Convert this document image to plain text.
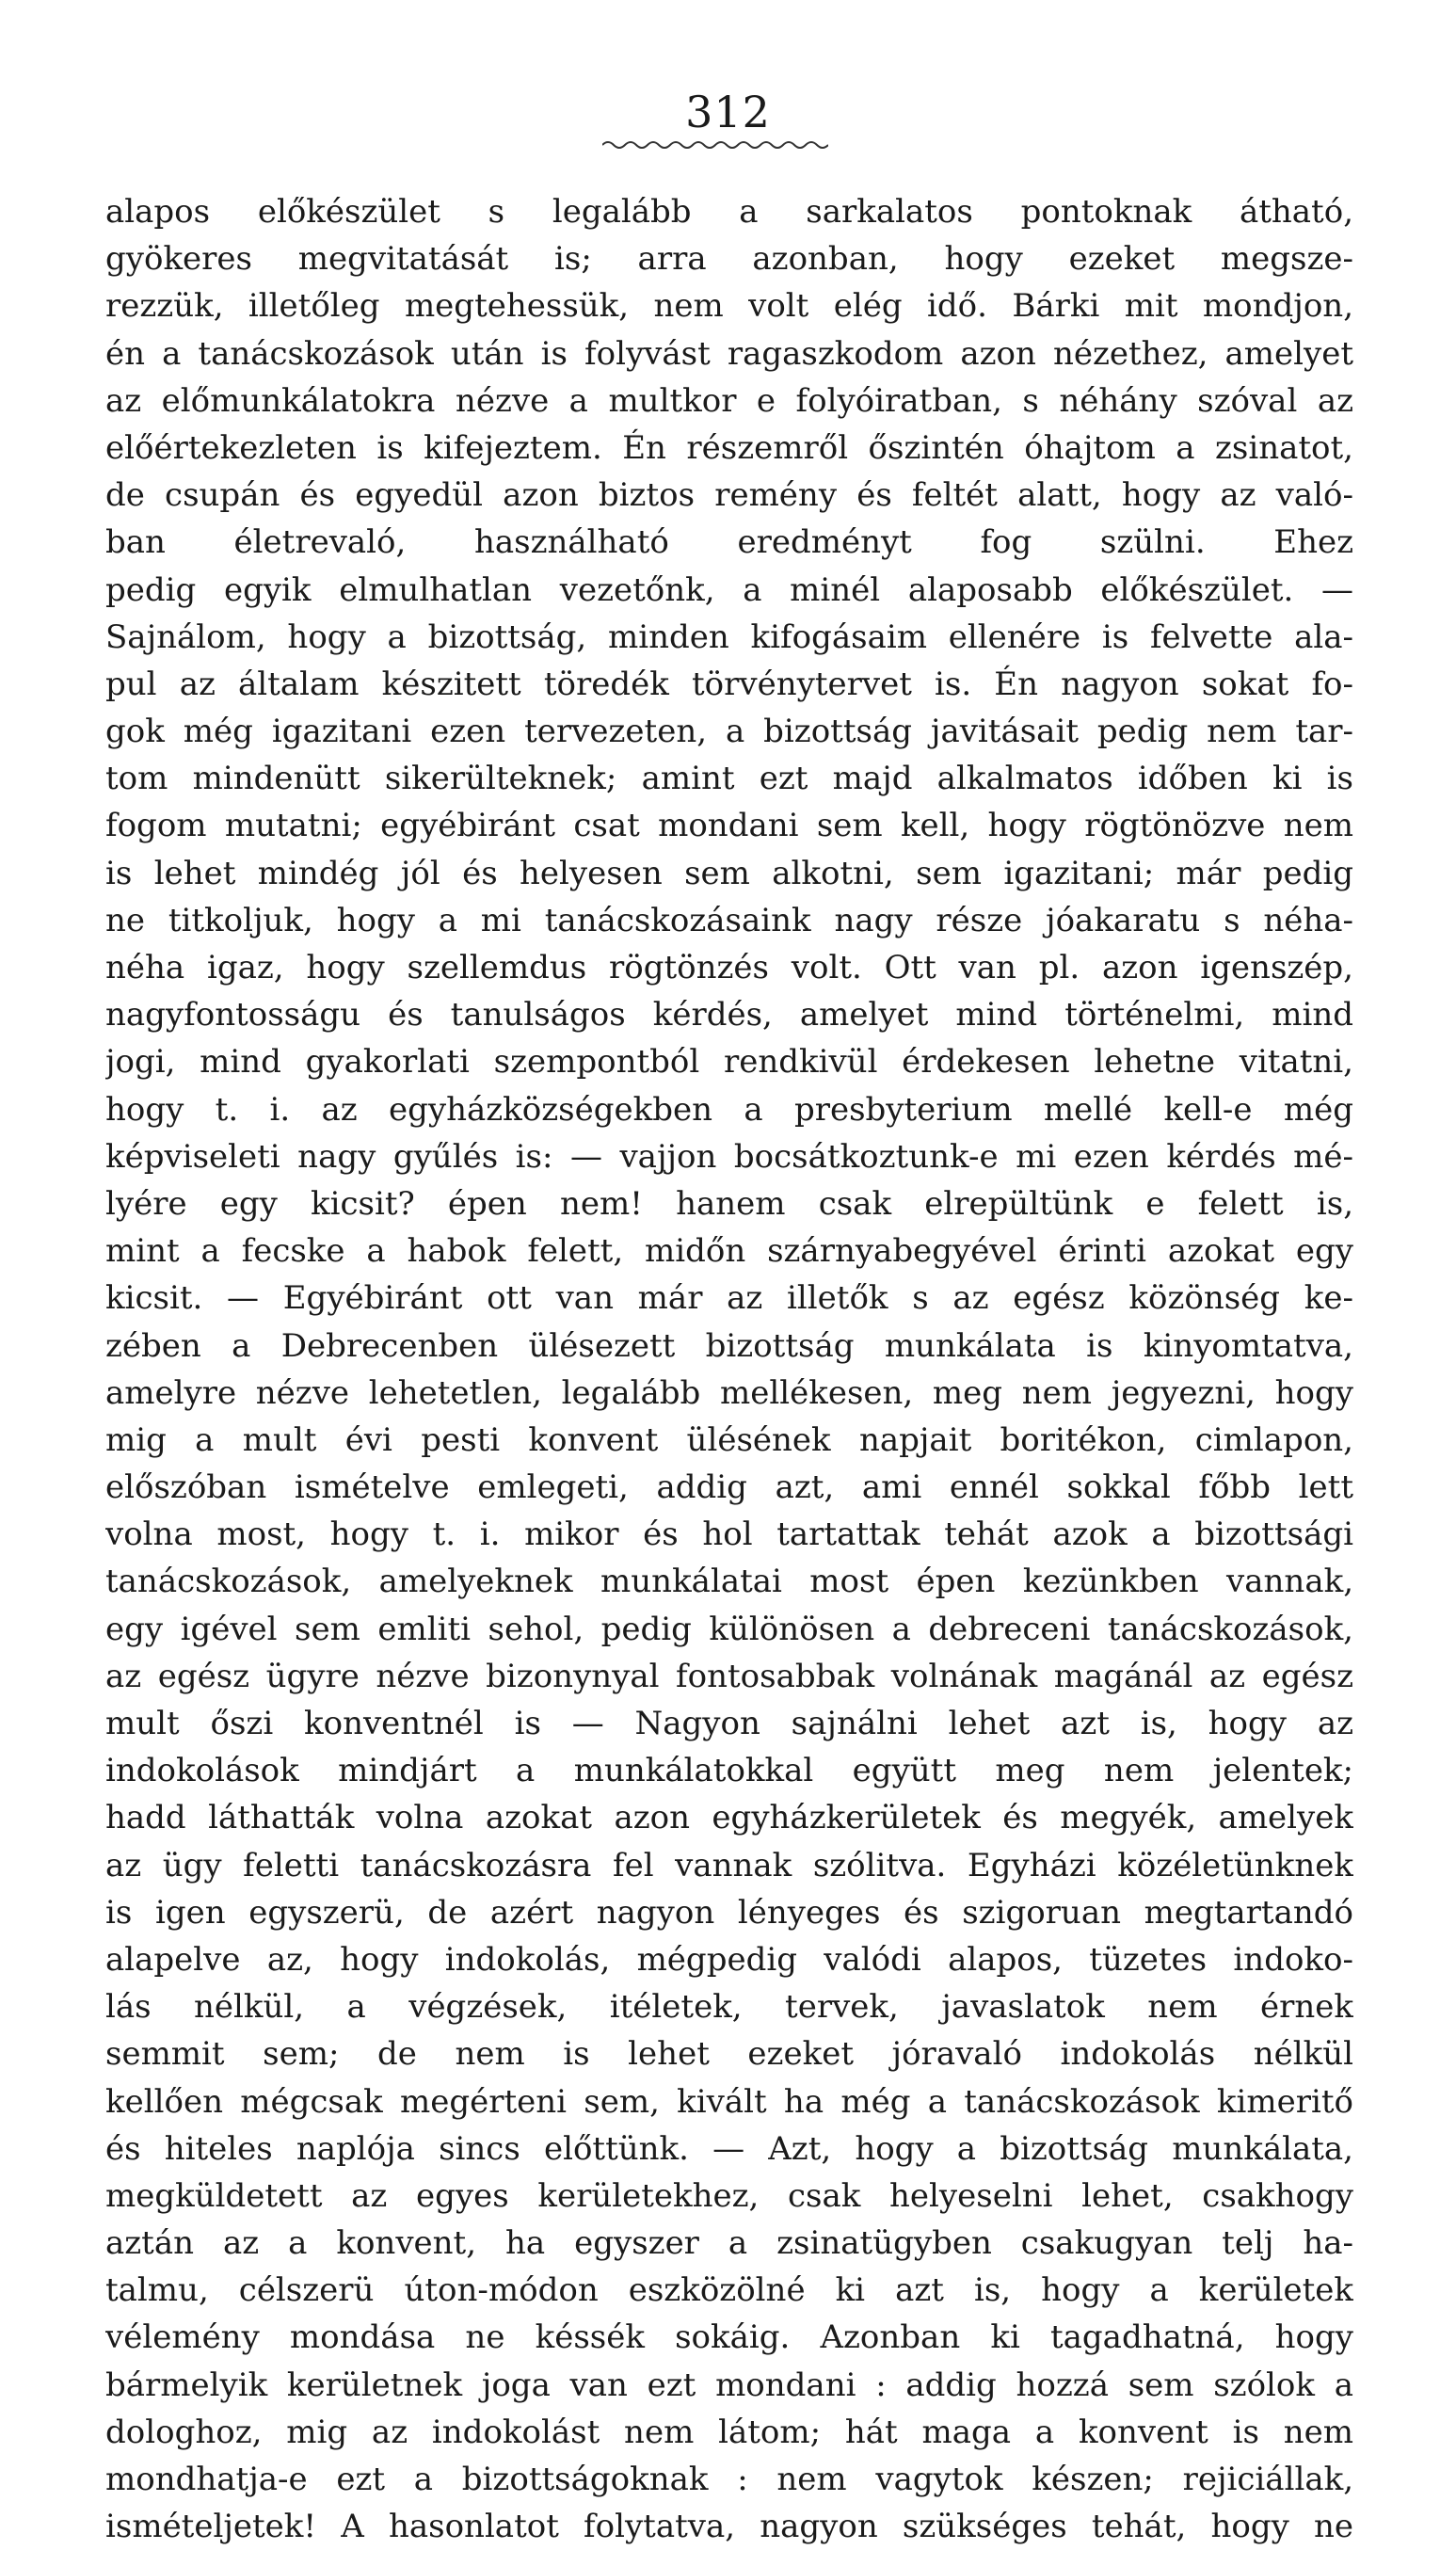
312
alapos előkészület s legalább a sarkalatos pontoknak átható,
gyökeres megvitatását is; arra azonban, hogy ezeket megsze-
rezzük, illetőleg megtehessük, nem volt elég idő. Bárki mit mondjon,
én a tanácskozások után is folyvást ragaszkodom azon nézethez, amelyet
az előmunkálatokra nézve a multkor e folyóiratban, s néhány szóval az
előértekezleten is kifejeztem. Én részemről őszintén óhajtom a zsinatot,
de csupán és egyedül azon biztos remény és feltét alatt, hogy az való-
ban életrevaló, használható eredményt fog szülni. Ehez
pedig egyik elmulhatlan vezetőnk, a minél alaposabb előkészület. —
Sajnálom, hogy a bizottság, minden kifogásaim ellenére is felvette ala-
pul az általam készitett töredék törvénytervet is. Én nagyon sokat fo-
gok még igazitani ezen tervezeten, a bizottság javitásait pedig nem tar-
tom mindenütt sikerülteknek; amint ezt majd alkalmatos időben ki is
fogom mutatni; egyébiránt csat mondani sem kell, hogy rögtönözve nem
is lehet mindég jól és helyesen sem alkotni, sem igazitani; már pedig
ne titkoljuk, hogy a mi tanácskozásaink nagy része jóakaratu s néha-
néha igaz, hogy szellemdus rögtönzés volt. Ott van pl. azon igenszép,
nagyfontosságu és tanulságos kérdés, amelyet mind történelmi, mind
jogi, mind gyakorlati szempontból rendkivül érdekesen lehetne vitatni,
hogy t. i. az egyházközségekben a presbyterium mellé kell-e még
képviseleti nagy gyűlés is: — vajjon bocsátkoztunk-e mi ezen kérdés mé-
lyére egy kicsit? épen nem! hanem csak elrepültünk e felett is,
mint a fecske a habok felett, midőn szárnyabegyével érinti azokat egy
kicsit. — Egyébiránt ott van már az illetők s az egész közönség ke-
zében a Debrecenben ülésezett bizottság munkálata is kinyomtatva,
amelyre nézve lehetetlen, legalább mellékesen, meg nem jegyezni, hogy
mig a mult évi pesti konvent ülésének napjait boritékon, cimlapon,
előszóban ismételve emlegeti, addig azt, ami ennél sokkal főbb lett
volna most, hogy t. i. mikor és hol tartattak tehát azok a bizottsági
tanácskozások, amelyeknek munkálatai most épen kezünkben vannak,
egy igével sem emliti sehol, pedig különösen a debreceni tanácskozások,
az egész ügyre nézve bizonynyal fontosabbak volnának magánál az egész
mult őszi konventnél is — Nagyon sajnálni lehet azt is, hogy az
indokolások mindjárt a munkálatokkal együtt meg nem jelentek;
hadd láthatták volna azokat azon egyházkerületek és megyék, amelyek
az ügy feletti tanácskozásra fel vannak szólitva. Egyházi közéletünknek
is igen egyszerü, de azért nagyon lényeges és szigoruan megtartandó
alapelve az, hogy indokolás, mégpedig valódi alapos, tüzetes indoko-
lás nélkül, a végzések, itéletek, tervek, javaslatok nem érnek
semmit sem; de nem is lehet ezeket jóravaló indokolás nélkül
kellően mégcsak megérteni sem, kivált ha még a tanácskozások kimeritő
és hiteles naplója sincs előttünk. — Azt, hogy a bizottság munkálata,
megküldetett az egyes kerületekhez, csak helyeselni lehet, csakhogy
aztán az a konvent, ha egyszer a zsinatügyben csakugyan telj ha-
talmu, célszerü úton-módon eszközölné ki azt is, hogy a kerületek
vélemény mondása ne késsék sokáig. Azonban ki tagadhatná, hogy
bármelyik kerületnek joga van ezt mondani : addig hozzá sem szólok a
dologhoz, mig az indokolást nem látom; hát maga a konvent is nem
mondhatja-e ezt a bizottságoknak : nem vagytok készen; rejiciállak,
ismételjetek! A hasonlatot folytatva, nagyon szükséges tehát, hogy ne
